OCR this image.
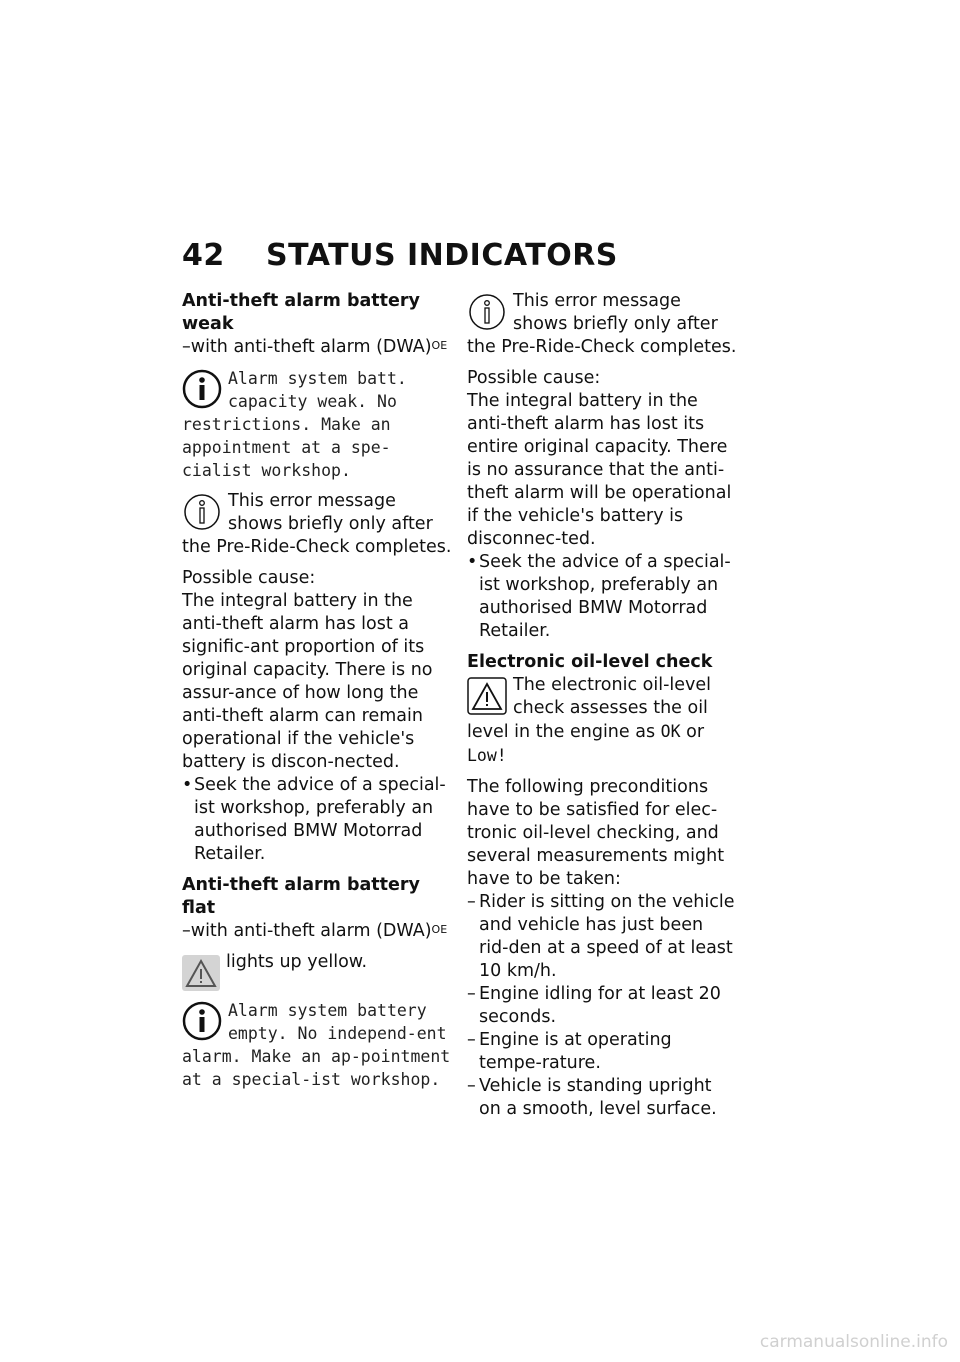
42 STATUS INDICATORS

Anti-theft alarm battery weak

–with anti-theft alarm (DWA)$^{OE}$

Alarm system batt. capacity weak. No restrictions. Make an appointment at a spe-cialist workshop.
This error message shows briefly only after the Pre-Ride-Check completes.

Possible cause:

The integral battery in the anti-theft alarm has lost a signific-ant proportion of its original capacity. There is no assur-ance of how long the anti-theft alarm can remain operational if the vehicle's battery is discon-nected.

• Seek the advice of a special-ist workshop, preferably an authorised BMW Motorrad Retailer.

Anti-theft alarm battery flat

–with anti-theft alarm (DWA)$^{OE}$

lights up yellow.
Alarm system battery empty. No independ-ent alarm. Make an ap-pointment at a special-ist workshop.
This error message shows briefly only after the Pre-Ride-Check completes.

Possible cause:

The integral battery in the anti-theft alarm has lost its entire original capacity. There is no assurance that the anti-theft alarm will be operational if the vehicle's battery is disconnec-ted.

• Seek the advice of a special-ist workshop, preferably an authorised BMW Motorrad Retailer.

Electronic oil-level check

The electronic oil-level check assesses the oil level in the engine as OK or Low!

The following preconditions have to be satisfied for elec-tronic oil-level checking, and several measurements might have to be taken:

– Rider is sitting on the vehicle and vehicle has just been rid-den at a speed of at least 10 km/h.
– Engine idling for at least 20 seconds.
– Engine is at operating tempe-rature.
– Vehicle is standing upright on a smooth, level surface.
carmanualsonline.info
